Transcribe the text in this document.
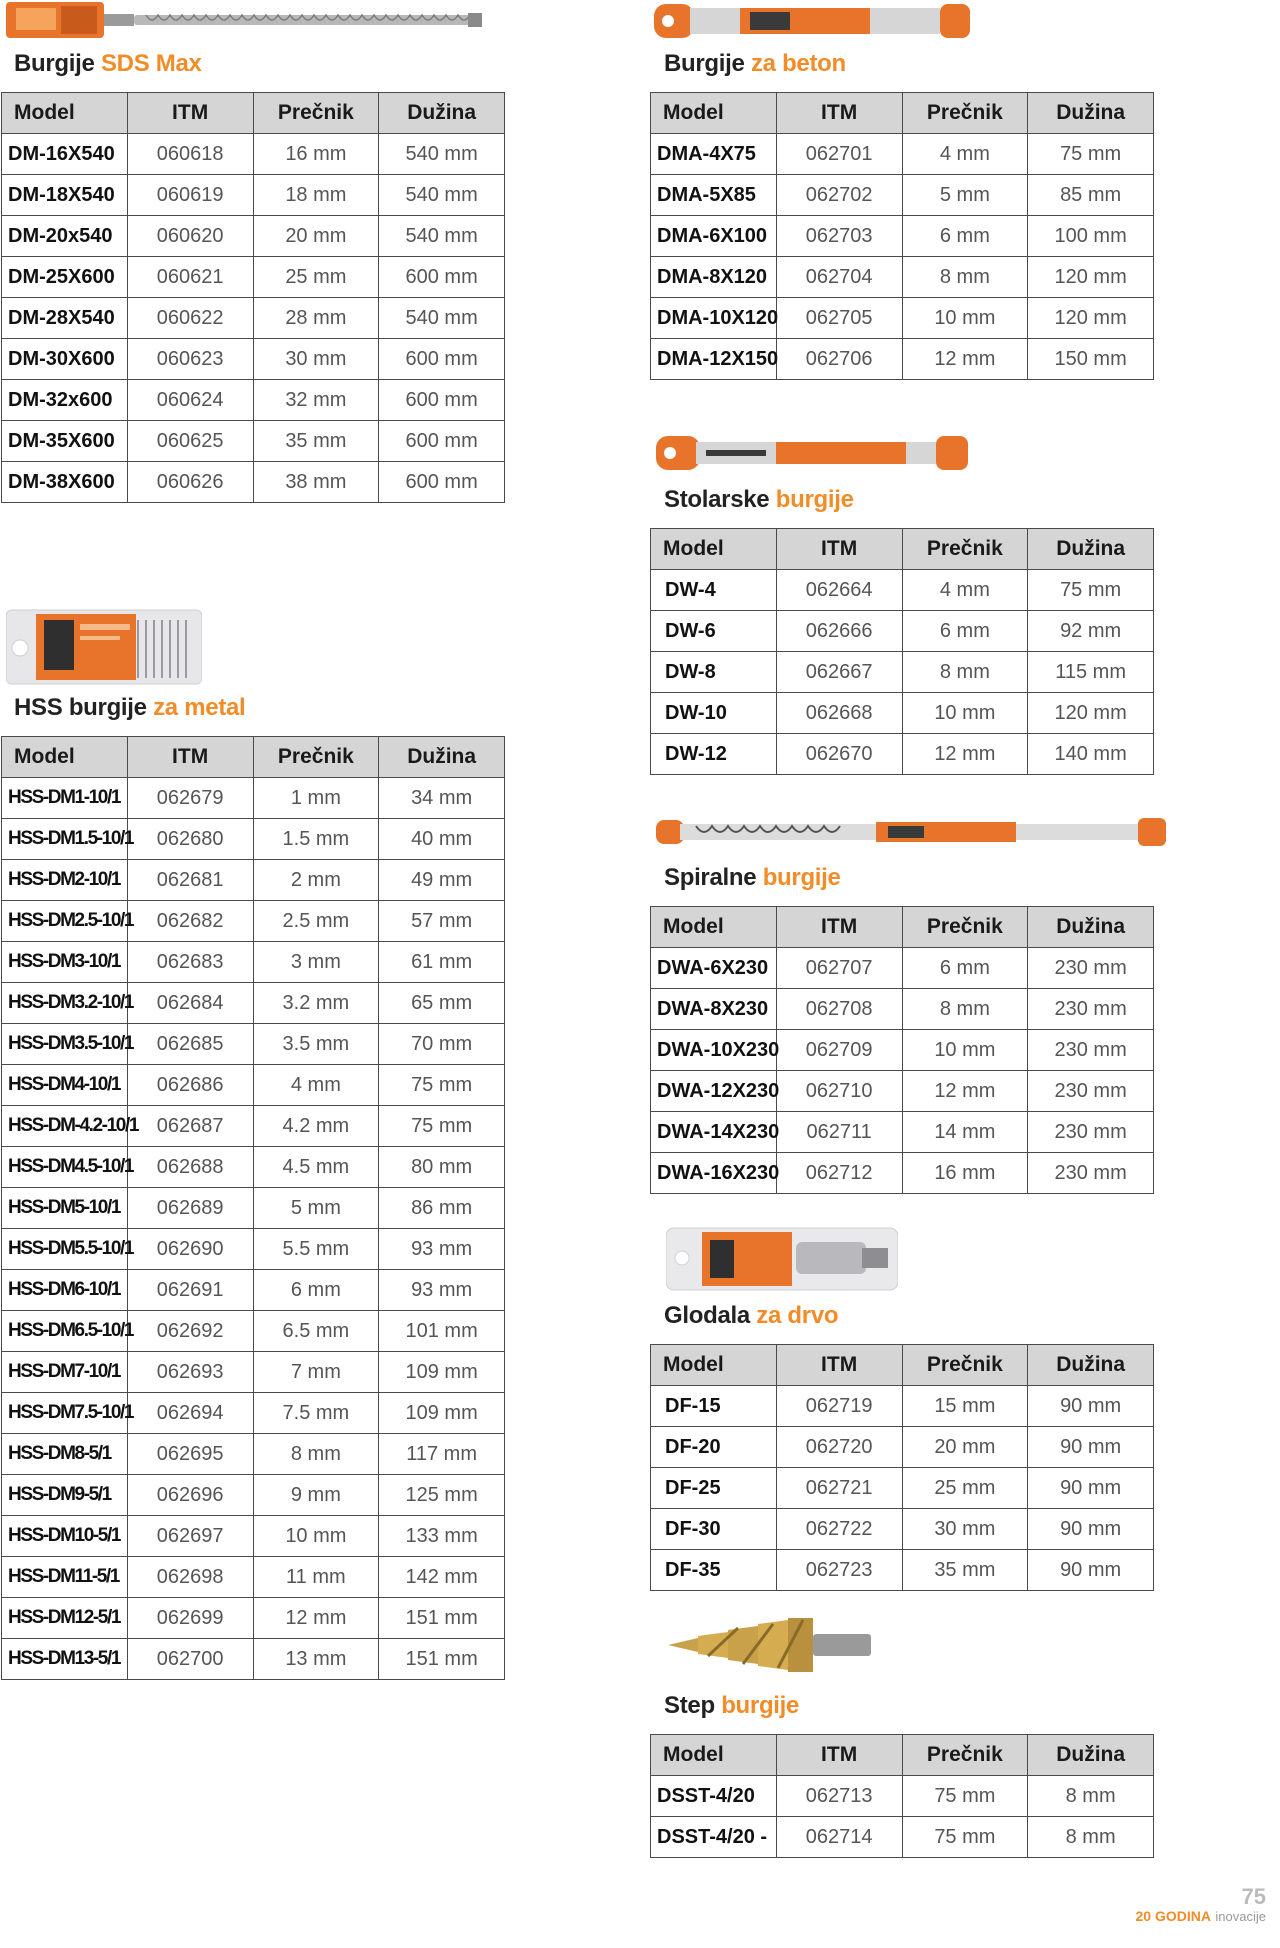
Burgije SDS Max
Model	ITM	Prečnik	Dužina
DM-16X540	060618	16 mm	540 mm
DM-18X540	060619	18 mm	540 mm
DM-20x540	060620	20 mm	540 mm
DM-25X600	060621	25 mm	600 mm
DM-28X540	060622	28 mm	540 mm
DM-30X600	060623	30 mm	600 mm
DM-32x600	060624	32 mm	600 mm
DM-35X600	060625	35 mm	600 mm
DM-38X600	060626	38 mm	600 mm
HSS burgije za metal
Model	ITM	Prečnik	Dužina
HSS-DM1-10/1	062679	1 mm	34 mm
HSS-DM1.5-10/1	062680	1.5 mm	40 mm
HSS-DM2-10/1	062681	2 mm	49 mm
HSS-DM2.5-10/1	062682	2.5 mm	57 mm
HSS-DM3-10/1	062683	3 mm	61 mm
HSS-DM3.2-10/1	062684	3.2 mm	65 mm
HSS-DM3.5-10/1	062685	3.5 mm	70 mm
HSS-DM4-10/1	062686	4 mm	75 mm
HSS-DM-4.2-10/1	062687	4.2 mm	75 mm
HSS-DM4.5-10/1	062688	4.5 mm	80 mm
HSS-DM5-10/1	062689	5 mm	86 mm
HSS-DM5.5-10/1	062690	5.5 mm	93 mm
HSS-DM6-10/1	062691	6 mm	93 mm
HSS-DM6.5-10/1	062692	6.5 mm	101 mm
HSS-DM7-10/1	062693	7 mm	109 mm
HSS-DM7.5-10/1	062694	7.5 mm	109 mm
HSS-DM8-5/1	062695	8 mm	117 mm
HSS-DM9-5/1	062696	9 mm	125 mm
HSS-DM10-5/1	062697	10 mm	133 mm
HSS-DM11-5/1	062698	11 mm	142 mm
HSS-DM12-5/1	062699	12 mm	151 mm
HSS-DM13-5/1	062700	13 mm	151 mm
Burgije za beton
Model	ITM	Prečnik	Dužina
DMA-4X75	062701	4 mm	75 mm
DMA-5X85	062702	5 mm	85 mm
DMA-6X100	062703	6 mm	100 mm
DMA-8X120	062704	8 mm	120 mm
DMA-10X120	062705	10 mm	120 mm
DMA-12X150	062706	12 mm	150 mm
Stolarske burgije
Model	ITM	Prečnik	Dužina
DW-4	062664	4 mm	75 mm
DW-6	062666	6 mm	92 mm
DW-8	062667	8 mm	115 mm
DW-10	062668	10 mm	120 mm
DW-12	062670	12 mm	140 mm
Spiralne burgije
Model	ITM	Prečnik	Dužina
DWA-6X230	062707	6 mm	230 mm
DWA-8X230	062708	8 mm	230 mm
DWA-10X230	062709	10 mm	230 mm
DWA-12X230	062710	12 mm	230 mm
DWA-14X230	062711	14 mm	230 mm
DWA-16X230	062712	16 mm	230 mm
Glodala za drvo
Model	ITM	Prečnik	Dužina
DF-15	062719	15 mm	90 mm
DF-20	062720	20 mm	90 mm
DF-25	062721	25 mm	90 mm
DF-30	062722	30 mm	90 mm
DF-35	062723	35 mm	90 mm
Step burgije
Model	ITM	Prečnik	Dužina
DSST-4/20	062713	75 mm	8 mm
DSST-4/20 -	062714	75 mm	8 mm
75
20 GODINA inovacije
